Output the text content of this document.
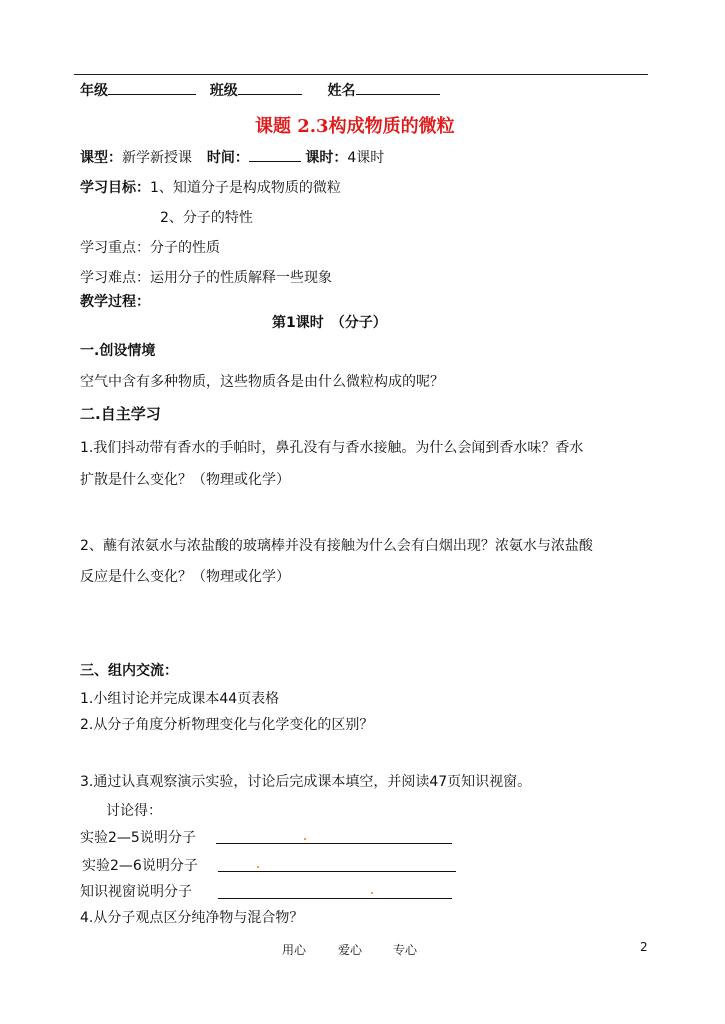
年级	班级	姓名
课题 2.3构成物质的微粒
课型：新学新授课 时间：	课时：4课时
学习目标：1、知道分子是构成物质的微粒
2、分子的特性
学习重点：分子的性质
学习难点：运用分子的性质解释一些现象
教学过程：
第1课时　（分子）
一.创设情境
空气中含有多种物质，这些物质各是由什么微粒构成的呢？
二.自主学习
1.我们抖动带有香水的手帕时，鼻孔没有与香水接触。为什么会闻到香水味？香水
扩散是什么变化？（物理或化学）
2、蘸有浓氨水与浓盐酸的玻璃棒并没有接触为什么会有白烟出现？浓氨水与浓盐酸
反应是什么变化？（物理或化学）
三、组内交流：
1.小组讨论并完成课本44页表格
2.从分子角度分析物理变化与化学变化的区别？
3.通过认真观察演示实验，讨论后完成课本填空，并阅读47页知识视窗。
讨论得：
实验2—5说明分子
实验2—6说明分子
知识视窗说明分子
4.从分子观点区分纯净物与混合物？
用心	爱心	专心	2
